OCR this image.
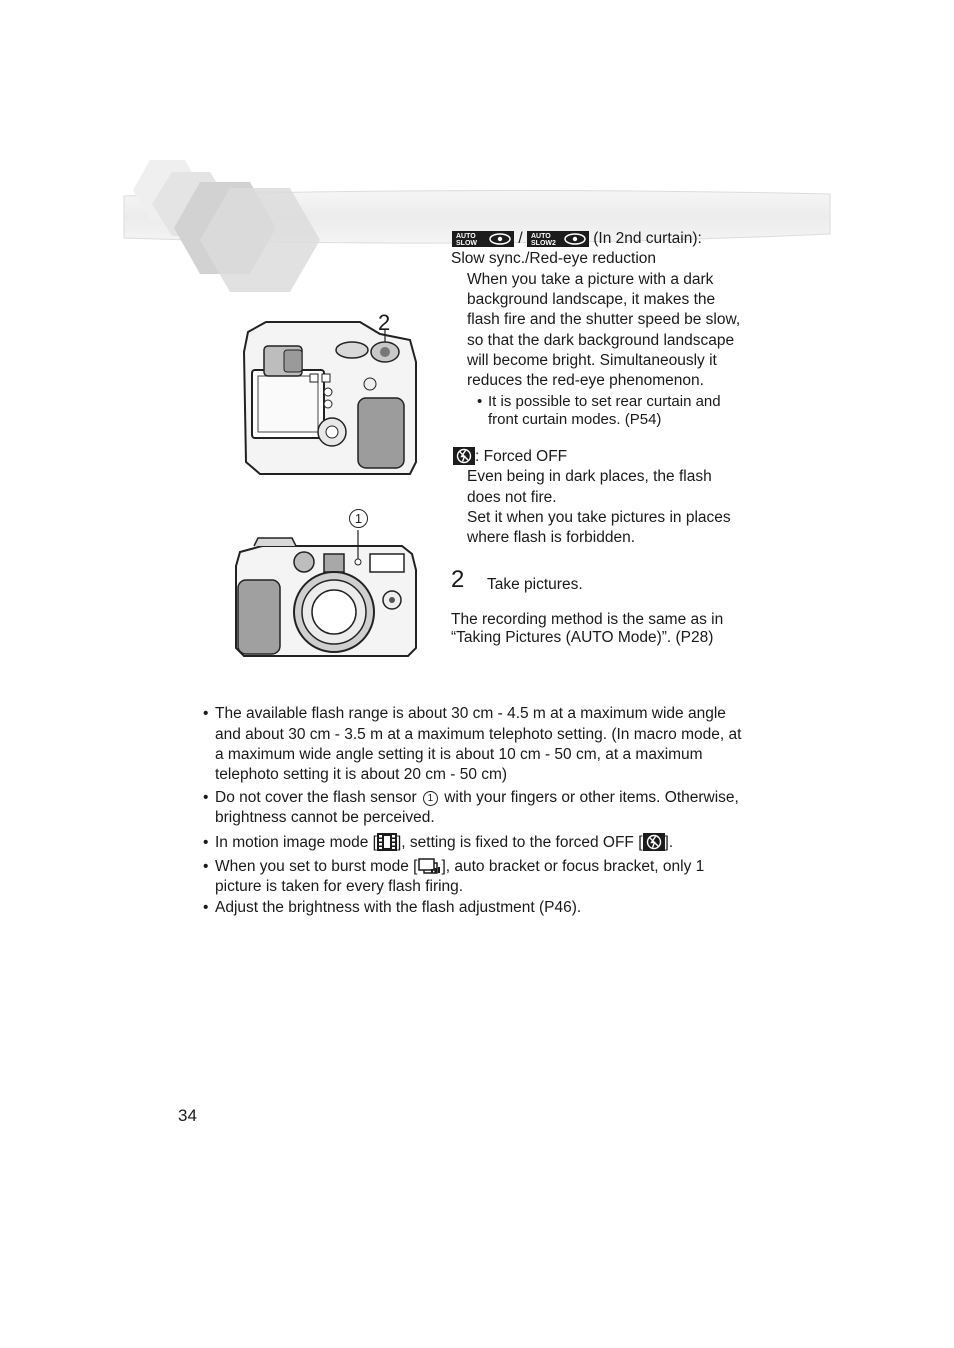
2
1
AUTO
SLOW	/ AUTO
SLOW2 (In 2nd curtain):
Slow sync./Red-eye reduction
When you take a picture with a dark
background landscape, it makes the
flash fire and the shutter speed be slow,
so that the dark background landscape
will become bright. Simultaneously it
reduces the red-eye phenomenon.
• It is possible to set rear curtain and
front curtain modes. (P54)
: Forced OFF
Even being in dark places, the flash
does not fire.
Set it when you take pictures in places
where flash is forbidden.
2 Take pictures.
The recording method is the same as in
“Taking Pictures (AUTO Mode)”. (P28)
• The available flash range is about 30 cm - 4.5 m at a maximum wide angle
and about 30 cm - 3.5 m at a maximum telephoto setting. (In macro mode, at
a maximum wide angle setting it is about 10 cm - 50 cm, at a maximum
telephoto setting it is about 20 cm - 50 cm)
• Do not cover the flash sensor 1 with your fingers or other items. Otherwise,
brightness cannot be perceived.
• In motion image mode [ ], setting is fixed to the forced OFF [ ].
• When you set to burst mode [ ], auto bracket or focus bracket, only 1
picture is taken for every flash firing.
• Adjust the brightness with the flash adjustment (P46).
34
